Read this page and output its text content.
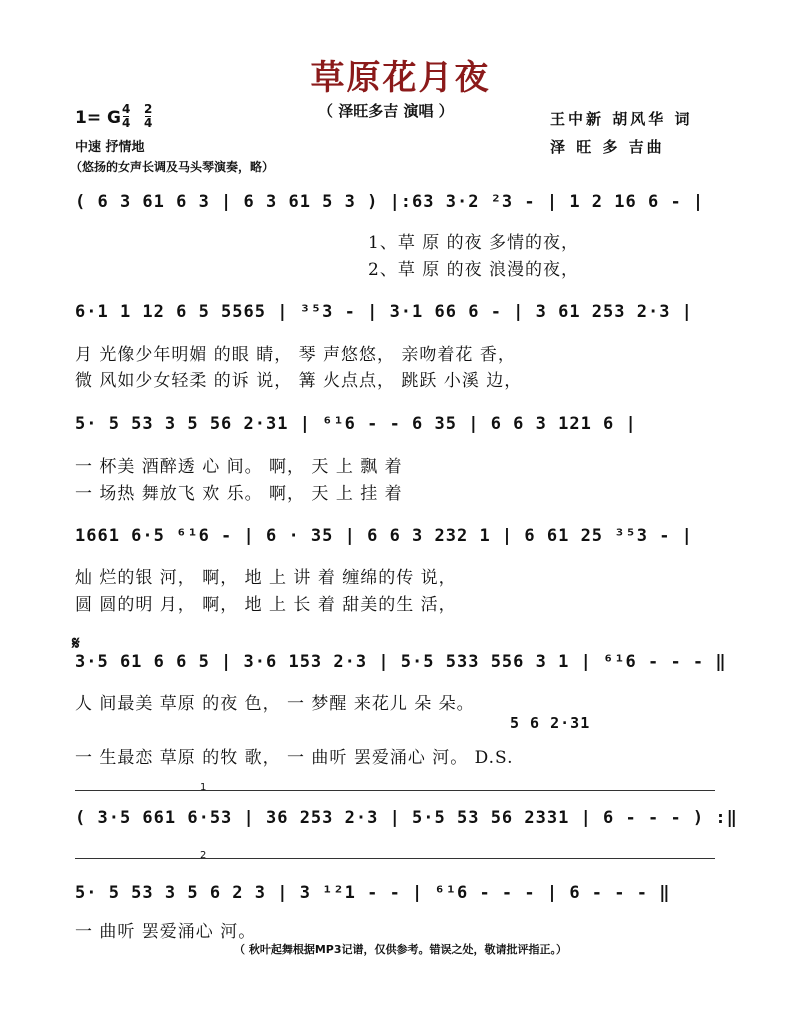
草原花月夜
（ 泽旺多吉 演唱 ）
1= G 4
4
2
4
中速 抒情地
（悠扬的女声长调及马头琴演奏，略）
王中新 胡风华 词
泽 旺 多 吉曲
( 6 3 61 6 3 | 6 3 61 5 3 ) |:63 3·2 ²3 - | 1 2 16 6 - |
1、草 原 的夜 多情的夜，
2、草 原 的夜 浪漫的夜，
6·1 1 12 6 5 5565 | ³⁵3 - | 3·1 66 6 - | 3 61 253 2·3 |
月 光像少年明媚 的眼 睛， 琴 声悠悠， 亲吻着花 香，
微 风如少女轻柔 的诉 说， 篝 火点点， 跳跃 小溪 边，
5· 5 53 3 5 56 2·31 | ⁶¹6 - - 6 35 | 6 6 3 121 6 |
一 杯美 酒醉透 心 间。 啊， 天 上 飘 着
一 场热 舞放飞 欢 乐。 啊， 天 上 挂 着
1661 6·5 ⁶¹6 - | 6 · 35 | 6 6 3 232 1 | 6 61 25 ³⁵3 - |
灿 烂的银 河， 啊， 地 上 讲 着 缠绵的传 说，
圆 圆的明 月， 啊， 地 上 长 着 甜美的生 活，
𝄋
3·5 61 6 6 5 | 3·6 153 2·3 | 5·5 533 556 3 1 | ⁶¹6 - - - ‖
人 间最美 草原 的夜 色， 一 梦醒 来花儿 朵 朵。
5 6 2·31
一 生最恋 草原 的牧 歌， 一 曲听 罢爱涌心 河。 D.S.
1
( 3·5 661 6·53 | 36 253 2·3 | 5·5 53 56 2331 | 6 - - - ) :‖
2
5· 5 53 3 5 6 2 3 | 3 ¹²1 - - | ⁶¹6 - - - | 6 - - - ‖
一 曲听 罢爱涌心 河。
（ 秋叶起舞根据MP3记谱，仅供参考。错误之处，敬请批评指正。）
